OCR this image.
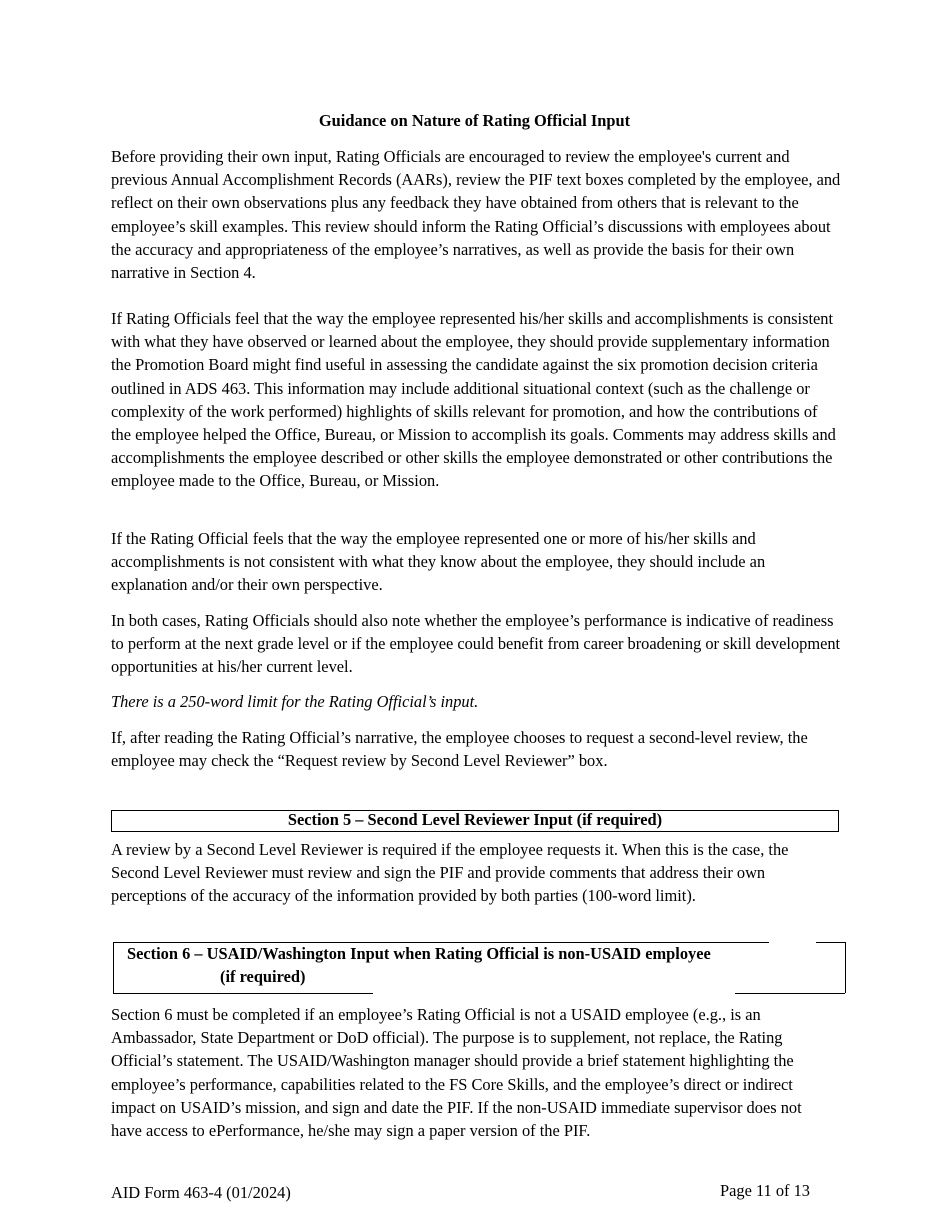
Guidance on Nature of Rating Official Input

Before providing their own input, Rating Officials are encouraged to review the employee's current and previous Annual Accomplishment Records (AARs), review the PIF text boxes completed by the employee, and reflect on their own observations plus any feedback they have obtained from others that is relevant to the employee’s skill examples. This review should inform the Rating Official’s discussions with employees about the accuracy and appropriateness of the employee’s narratives, as well as provide the basis for their own narrative in Section 4.

If Rating Officials feel that the way the employee represented his/her skills and accomplishments is consistent with what they have observed or learned about the employee, they should provide supplementary information the Promotion Board might find useful in assessing the candidate against the six promotion decision criteria outlined in ADS 463. This information may include additional situational context (such as the challenge or complexity of the work performed) highlights of skills relevant for promotion, and how the contributions of the employee helped the Office, Bureau, or Mission to accomplish its goals. Comments may address skills and accomplishments the employee described or other skills the employee demonstrated or other contributions the employee made to the Office, Bureau, or Mission.

If the Rating Official feels that the way the employee represented one or more of his/her skills and accomplishments is not consistent with what they know about the employee, they should include an explanation and/or their own perspective.

In both cases, Rating Officials should also note whether the employee’s performance is indicative of readiness to perform at the next grade level or if the employee could benefit from career broadening or skill development opportunities at his/her current level.

There is a 250-word limit for the Rating Official’s input.

If, after reading the Rating Official’s narrative, the employee chooses to request a second-level review, the employee may check the “Request review by Second Level Reviewer” box.

Section 5 – Second Level Reviewer Input (if required)

A review by a Second Level Reviewer is required if the employee requests it. When this is the case, the Second Level Reviewer must review and sign the PIF and provide comments that address their own perceptions of the accuracy of the information provided by both parties (100-word limit).

Section 6 – USAID/Washington Input when Rating Official is non-USAID employee
(if required)

Section 6 must be completed if an employee’s Rating Official is not a USAID employee (e.g., is an Ambassador, State Department or DoD official). The purpose is to supplement, not replace, the Rating Official’s statement. The USAID/Washington manager should provide a brief statement highlighting the employee’s performance, capabilities related to the FS Core Skills, and the employee’s direct or indirect impact on USAID’s mission, and sign and date the PIF. If the non-USAID immediate supervisor does not have access to ePerformance, he/she may sign a paper version of the PIF.

AID Form 463-4 (01/2024)	Page 11 of 13
